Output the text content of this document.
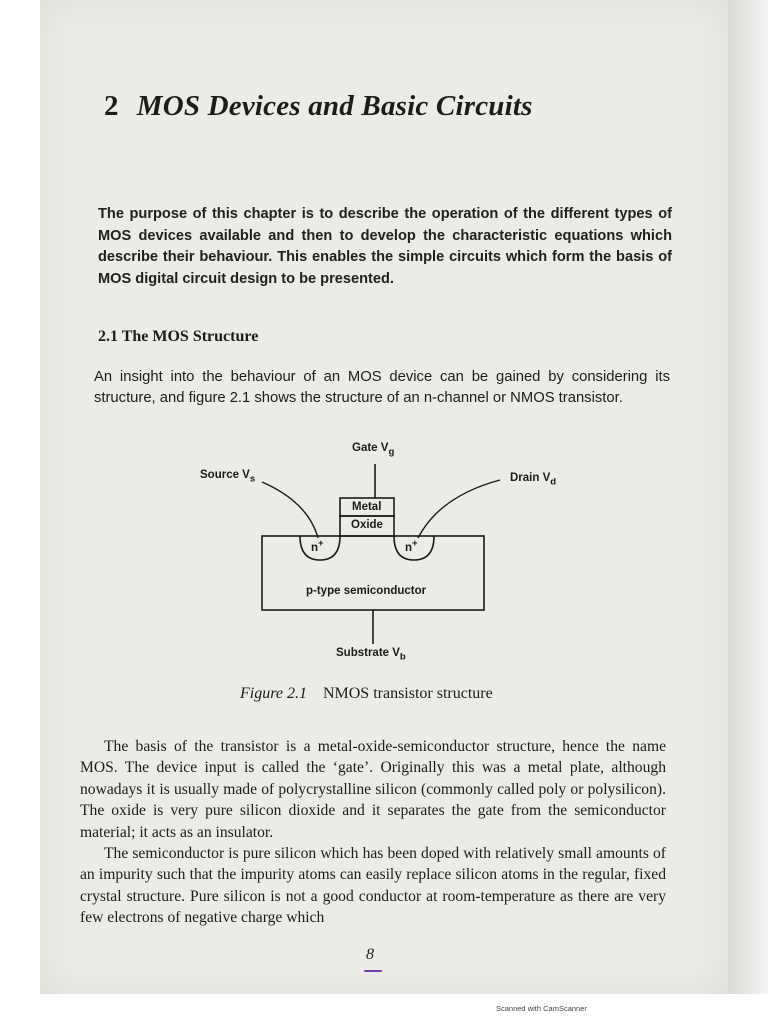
2 MOS Devices and Basic Circuits

The purpose of this chapter is to describe the operation of the different types of MOS devices available and then to develop the characteristic equations which describe their behaviour. This enables the simple circuits which form the basis of MOS digital circuit design to be presented.

2.1 The MOS Structure

An insight into the behaviour of an MOS device can be gained by considering its structure, and figure 2.1 shows the structure of an n-channel or NMOS transistor.

Gate $V_g$
Source $V_s$	Drain $V_d$
Metal
Oxide
n+	n+
p-type semiconductor
Substrate $V_b$

Figure 2.1 NMOS transistor structure

The basis of the transistor is a metal-oxide-semiconductor structure, hence the name MOS. The device input is called the ‘gate’. Originally this was a metal plate, although nowadays it is usually made of polycrystalline silicon (commonly called poly or polysilicon). The oxide is very pure silicon dioxide and it separates the gate from the semiconductor material; it acts as an insulator.

The semiconductor is pure silicon which has been doped with relatively small amounts of an impurity such that the impurity atoms can easily replace silicon atoms in the regular, fixed crystal structure. Pure silicon is not a good conductor at room-temperature as there are very few electrons of negative charge which

8

Scanned with CamScanner
